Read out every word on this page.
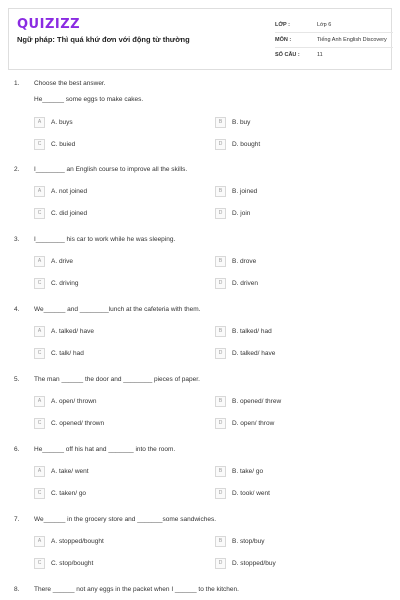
QUIZIZZ
Ngữ pháp: Thì quá khứ đơn với động từ thường
LỚP :	Lớp 6
MÔN :	Tiếng Anh English Discovery
SỐ CÂU :	11
1. Choose the best answer.
He______ some eggs to make cakes.
A	A. buys	B	B. buy
C	C. buied	D	D. bought
2. I________ an English course to improve all the skills.
A	A. not joined	B	B. joined
C	C. did joined	D	D. join
3. I________ his car to work while he was sleeping.
A	A. drive	B	B. drove
C	C. driving	D	D. driven
4. We______ and ________lunch at the cafeteria with them.
A	A. talked/ have	B	B. talked/ had
C	C. talk/ had	D	D. talked/ have
5. The man ______ the door and ________ pieces of paper.
A	A. open/ thrown	B	B. opened/ threw
C	C. opened/ thrown	D	D. open/ throw
6. He______ off his hat and _______ into the room.
A	A. take/ went	B	B. take/ go
C	C. taken/ go	D	D. took/ went
7. We______ in the grocery store and _______some sandwiches.
A	A. stopped/bought	B	B. stop/buy
C	C. stop/bought	D	D. stopped/buy
8. There ______ not any eggs in the packet when I ______ to the kitchen.
